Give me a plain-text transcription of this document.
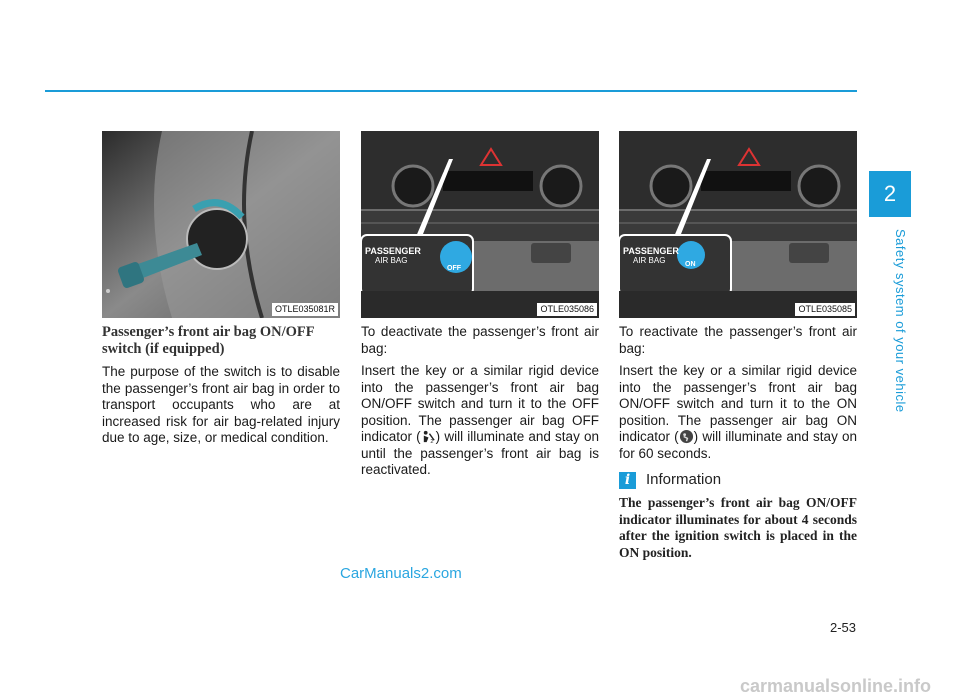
2
Safety system of your vehicle
OTLE035081R
PASSENGER
AIR BAG
OFF
OTLE035086
PASSENGER
AIR BAG	ON
OTLE035085

Passenger’s front air bag ON/OFF switch (if equipped)

The purpose of the switch is to disable the passenger’s front air bag in order to transport occupants who are at increased risk for air bag-related injury due to age, size, or medical condition.

To deactivate the passenger’s front air bag:

Insert the key or a similar rigid device into the passenger’s front air bag ON/OFF switch and turn it to the OFF position. The passenger air bag OFF indicator ( 2 ) will illuminate and stay on until the passenger’s front air bag is reactivated.

To reactivate the passenger’s front air bag:

Insert the key or a similar rigid device into the passenger’s front air bag ON/OFF switch and turn it to the ON position. The passenger air bag ON indicator ( ) will illuminate and stay on for 60 seconds.

i	Information

The passenger’s front air bag ON/OFF indicator illuminates for about 4 seconds after the ignition switch is placed in the ON position.

2-53
CarManuals2.com
carmanualsonline.info
